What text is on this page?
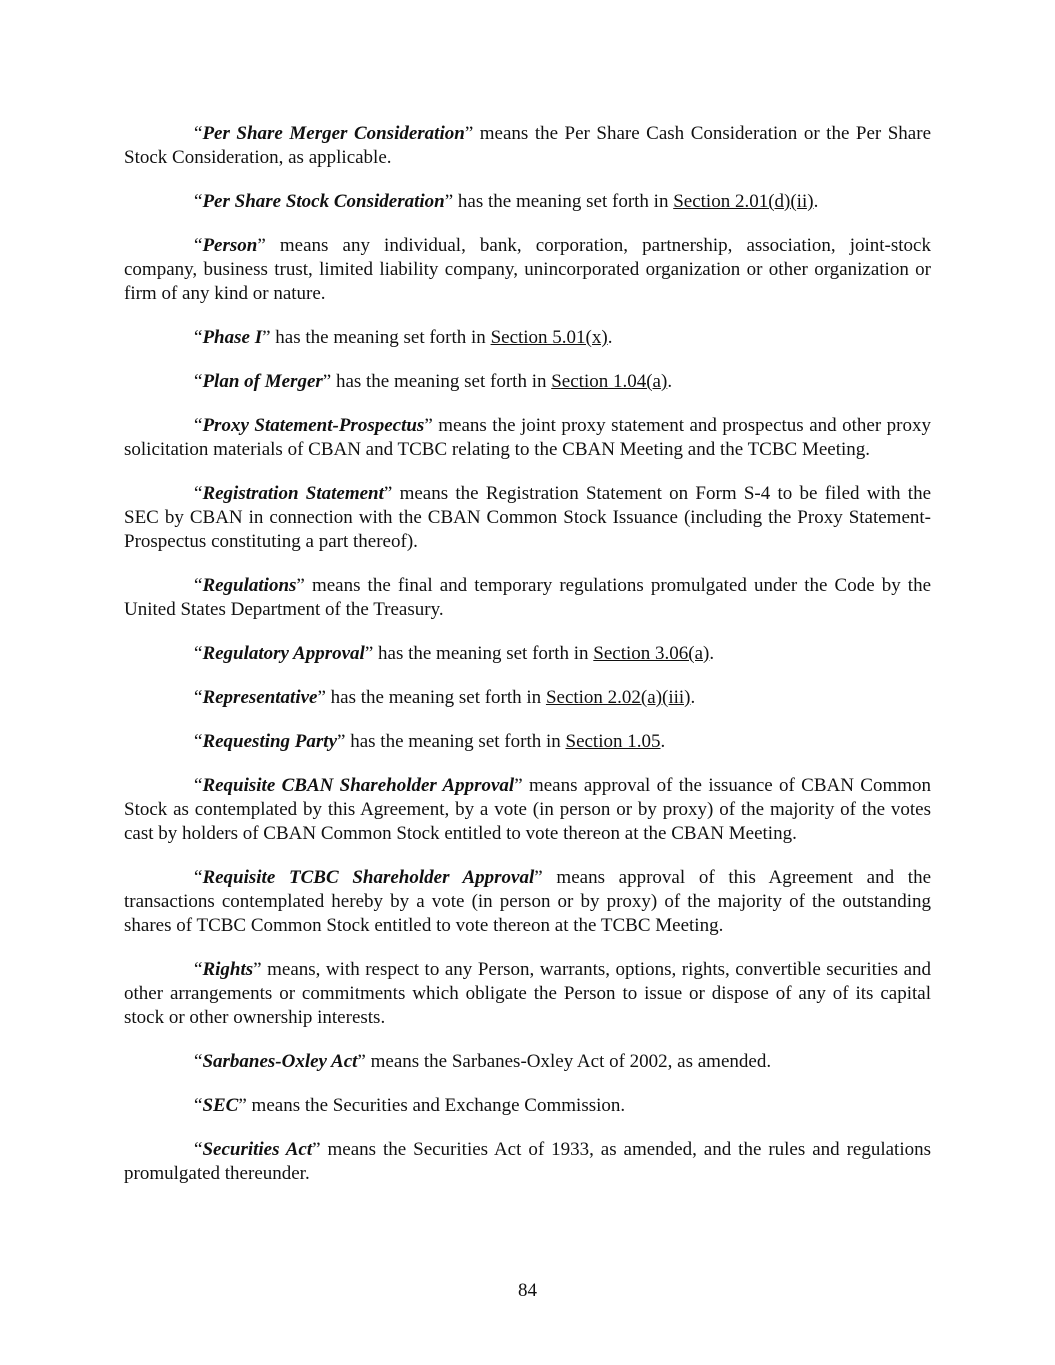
“Per Share Merger Consideration” means the Per Share Cash Consideration or the Per Share Stock Consideration, as applicable.

“Per Share Stock Consideration” has the meaning set forth in Section 2.01(d)(ii).

“Person” means any individual, bank, corporation, partnership, association, joint-stock company, business trust, limited liability company, unincorporated organization or other organization or firm of any kind or nature.

“Phase I” has the meaning set forth in Section 5.01(x).

“Plan of Merger” has the meaning set forth in Section 1.04(a).

“Proxy Statement-Prospectus” means the joint proxy statement and prospectus and other proxy solicitation materials of CBAN and TCBC relating to the CBAN Meeting and the TCBC Meeting.

“Registration Statement” means the Registration Statement on Form S-4 to be filed with the SEC by CBAN in connection with the CBAN Common Stock Issuance (including the Proxy Statement-Prospectus constituting a part thereof).

“Regulations” means the final and temporary regulations promulgated under the Code by the United States Department of the Treasury.

“Regulatory Approval” has the meaning set forth in Section 3.06(a).

“Representative” has the meaning set forth in Section 2.02(a)(iii).

“Requesting Party” has the meaning set forth in Section 1.05.

“Requisite CBAN Shareholder Approval” means approval of the issuance of CBAN Common Stock as contemplated by this Agreement, by a vote (in person or by proxy) of the majority of the votes cast by holders of CBAN Common Stock entitled to vote thereon at the CBAN Meeting.

“Requisite TCBC Shareholder Approval” means approval of this Agreement and the transactions contemplated hereby by a vote (in person or by proxy) of the majority of the outstanding shares of TCBC Common Stock entitled to vote thereon at the TCBC Meeting.

“Rights” means, with respect to any Person, warrants, options, rights, convertible securities and other arrangements or commitments which obligate the Person to issue or dispose of any of its capital stock or other ownership interests.

“Sarbanes-Oxley Act” means the Sarbanes-Oxley Act of 2002, as amended.

“SEC” means the Securities and Exchange Commission.

“Securities Act” means the Securities Act of 1933, as amended, and the rules and regulations promulgated thereunder.

84
